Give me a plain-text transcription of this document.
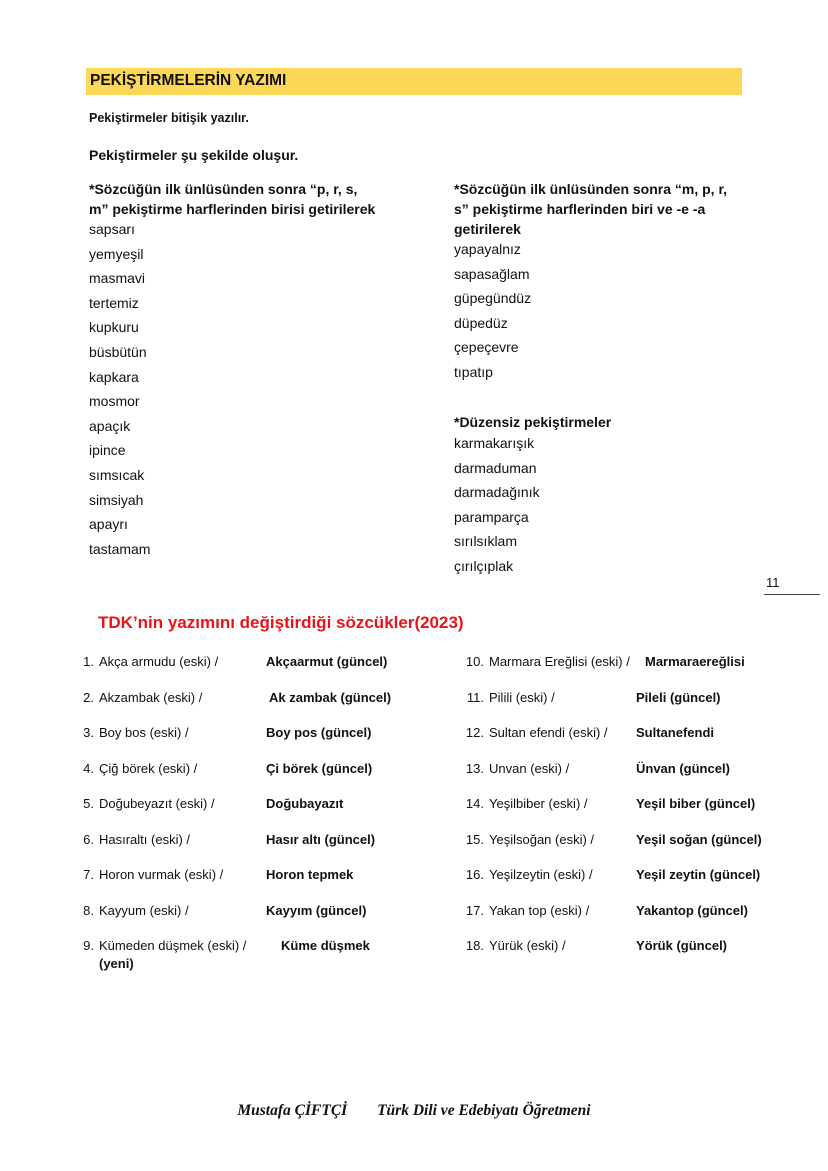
PEKİŞTİRMELERİN YAZIMI
Pekiştirmeler bitişik yazılır.
Pekiştirmeler şu şekilde oluşur.
*Sözcüğün ilk ünlüsünden sonra “p, r, s,
m” pekiştirme harflerinden birisi getirilerek
sapsarı
yemyeşil
masmavi
tertemiz
kupkuru
büsbütün
kapkara
mosmor
apaçık
ipince
sımsıcak
simsiyah
apayrı
tastamam
*Sözcüğün ilk ünlüsünden sonra “m, p, r,
s” pekiştirme harflerinden biri ve -e -a
getirilerek
yapayalnız
sapasağlam
güpegündüz
düpedüz
çepeçevre
tıpatıp
*Düzensiz pekiştirmeler
karmakarışık
darmaduman
darmadağınık
paramparça
sırılsıklam
çırılçıplak
11
TDK’nin yazımını değiştirdiği sözcükler(2023)
1. Akça armudu (eski) /	Akçaarmut (güncel)
2. Akzambak (eski) /	Ak zambak (güncel)
3. Boy bos (eski) /	Boy pos (güncel)
4. Çiğ börek (eski) /	Çi börek (güncel)
5. Doğubeyazıt (eski) /	Doğubayazıt
6. Hasıraltı (eski) /	Hasır altı (güncel)
7. Horon vurmak (eski) /	Horon tepmek
8. Kayyum (eski) /	Kayyım (güncel)
9. Kümeden düşmek (eski) /	Küme düşmek
(yeni)
10. Marmara Ereğlisi (eski) / Marmaraereğlisi
11. Pilili (eski) /	Pileli (güncel)
12. Sultan efendi (eski) / Sultanefendi
13. Unvan (eski) /	Ünvan (güncel)
14. Yeşilbiber (eski) /	Yeşil biber (güncel)
15. Yeşilsoğan (eski) /	Yeşil soğan (güncel)
16. Yeşilzeytin (eski) /	Yeşil zeytin (güncel)
17. Yakan top (eski) /	Yakantop (güncel)
18. Yürük (eski) /	Yörük (güncel)
Mustafa ÇİFTÇİ Türk Dili ve Edebiyatı Öğretmeni
